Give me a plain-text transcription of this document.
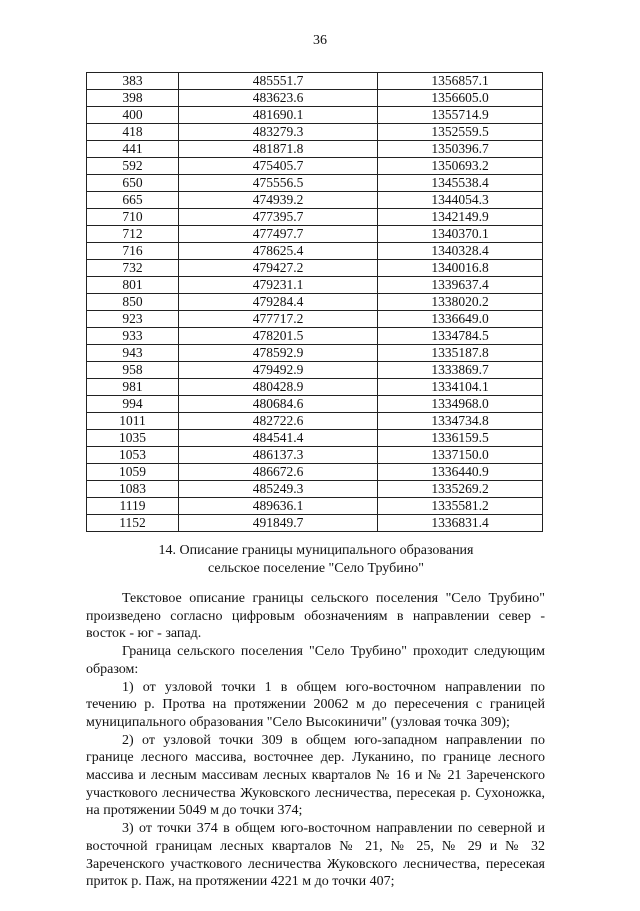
36
383	485551.7	1356857.1
398	483623.6	1356605.0
400	481690.1	1355714.9
418	483279.3	1352559.5
441	481871.8	1350396.7
592	475405.7	1350693.2
650	475556.5	1345538.4
665	474939.2	1344054.3
710	477395.7	1342149.9
712	477497.7	1340370.1
716	478625.4	1340328.4
732	479427.2	1340016.8
801	479231.1	1339637.4
850	479284.4	1338020.2
923	477717.2	1336649.0
933	478201.5	1334784.5
943	478592.9	1335187.8
958	479492.9	1333869.7
981	480428.9	1334104.1
994	480684.6	1334968.0
1011	482722.6	1334734.8
1035	484541.4	1336159.5
1053	486137.3	1337150.0
1059	486672.6	1336440.9
1083	485249.3	1335269.2
1119	489636.1	1335581.2
1152	491849.7	1336831.4
14. Описание границы муниципального образования
сельское поселение "Село Трубино"

Текстовое описание границы сельского поселения "Село Трубино" произведено согласно цифровым обозначениям в направлении север - восток - юг - запад.

Граница сельского поселения "Село Трубино" проходит следующим образом:

1) от узловой точки 1 в общем юго-восточном направлении по течению р. Протва на протяжении 20062 м до пересечения с границей муниципального образования "Село Высокиничи" (узловая точка 309);

2) от узловой точки 309 в общем юго-западном направлении по границе лесного массива, восточнее дер. Луканино, по границе лесного массива и лесным массивам лесных кварталов № 16 и № 21 Зареченского участкового лесничества Жуковского лесничества, пересекая р. Сухоножка, на протяжении 5049 м до точки 374;

3) от точки 374 в общем юго-восточном направлении по северной и восточной границам лесных кварталов № 21, № 25, № 29 и № 32 Зареченского участкового лесничества Жуковского лесничества, пересекая приток р. Паж, на протяжении 4221 м до точки 407;
